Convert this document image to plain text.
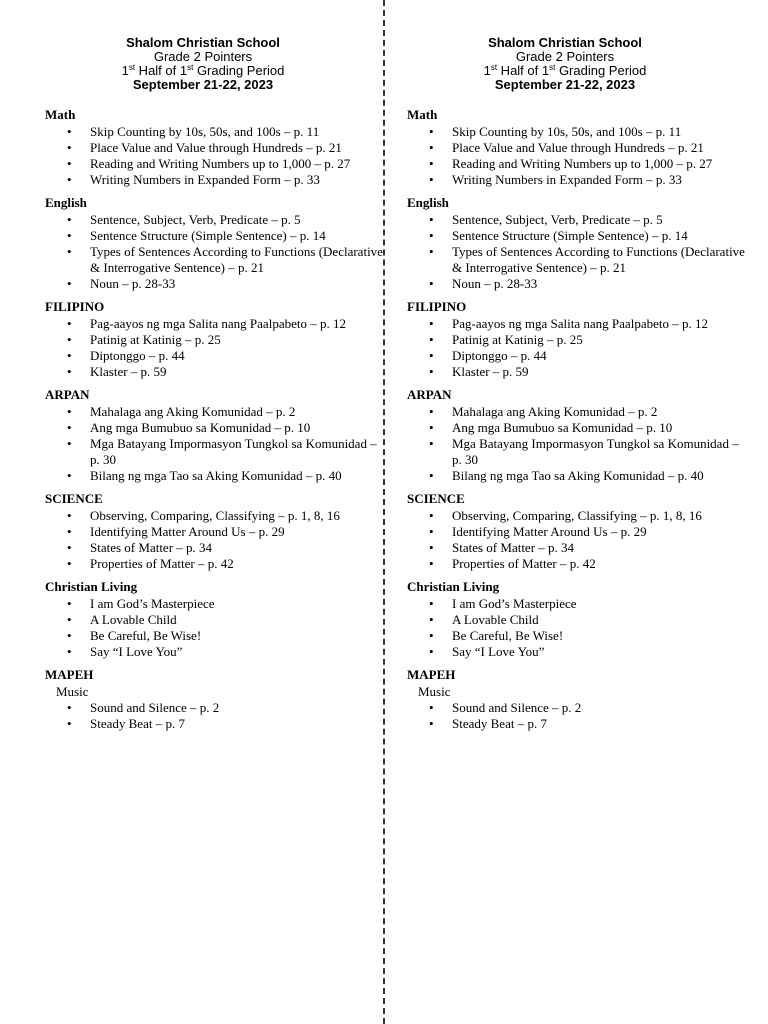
Shalom Christian School
Grade 2 Pointers
1st Half of 1st Grading Period
September 21-22, 2023
Math
• Skip Counting by 10s, 50s, and 100s – p. 11
• Place Value and Value through Hundreds – p. 21
• Reading and Writing Numbers up to 1,000 – p. 27
• Writing Numbers in Expanded Form – p. 33
English
• Sentence, Subject, Verb, Predicate – p. 5
• Sentence Structure (Simple Sentence) – p. 14
• Types of Sentences According to Functions (Declarative & Interrogative Sentence) – p. 21
• Noun – p. 28-33
FILIPINO
• Pag-aayos ng mga Salita nang Paalpabeto – p. 12
• Patinig at Katinig – p. 25
• Diptonggo – p. 44
• Klaster – p. 59
ARPAN
• Mahalaga ang Aking Komunidad – p. 2
• Ang mga Bumubuo sa Komunidad – p. 10
• Mga Batayang Impormasyon Tungkol sa Komunidad – p. 30
• Bilang ng mga Tao sa Aking Komunidad – p. 40
SCIENCE
• Observing, Comparing, Classifying – p. 1, 8, 16
• Identifying Matter Around Us – p. 29
• States of Matter – p. 34
• Properties of Matter – p. 42
Christian Living
• I am God’s Masterpiece
• A Lovable Child
• Be Careful, Be Wise!
• Say “I Love You”
MAPEH
Music
• Sound and Silence – p. 2
• Steady Beat – p. 7
Shalom Christian School
Grade 2 Pointers
1st Half of 1st Grading Period
September 21-22, 2023
Math
• Skip Counting by 10s, 50s, and 100s – p. 11
• Place Value and Value through Hundreds – p. 21
• Reading and Writing Numbers up to 1,000 – p. 27
• Writing Numbers in Expanded Form – p. 33
English
• Sentence, Subject, Verb, Predicate – p. 5
• Sentence Structure (Simple Sentence) – p. 14
• Types of Sentences According to Functions (Declarative & Interrogative Sentence) – p. 21
• Noun – p. 28-33
FILIPINO
• Pag-aayos ng mga Salita nang Paalpabeto – p. 12
• Patinig at Katinig – p. 25
• Diptonggo – p. 44
• Klaster – p. 59
ARPAN
• Mahalaga ang Aking Komunidad – p. 2
• Ang mga Bumubuo sa Komunidad – p. 10
• Mga Batayang Impormasyon Tungkol sa Komunidad – p. 30
• Bilang ng mga Tao sa Aking Komunidad – p. 40
SCIENCE
• Observing, Comparing, Classifying – p. 1, 8, 16
• Identifying Matter Around Us – p. 29
• States of Matter – p. 34
• Properties of Matter – p. 42
Christian Living
• I am God’s Masterpiece
• A Lovable Child
• Be Careful, Be Wise!
• Say “I Love You”
MAPEH
Music
• Sound and Silence – p. 2
• Steady Beat – p. 7
